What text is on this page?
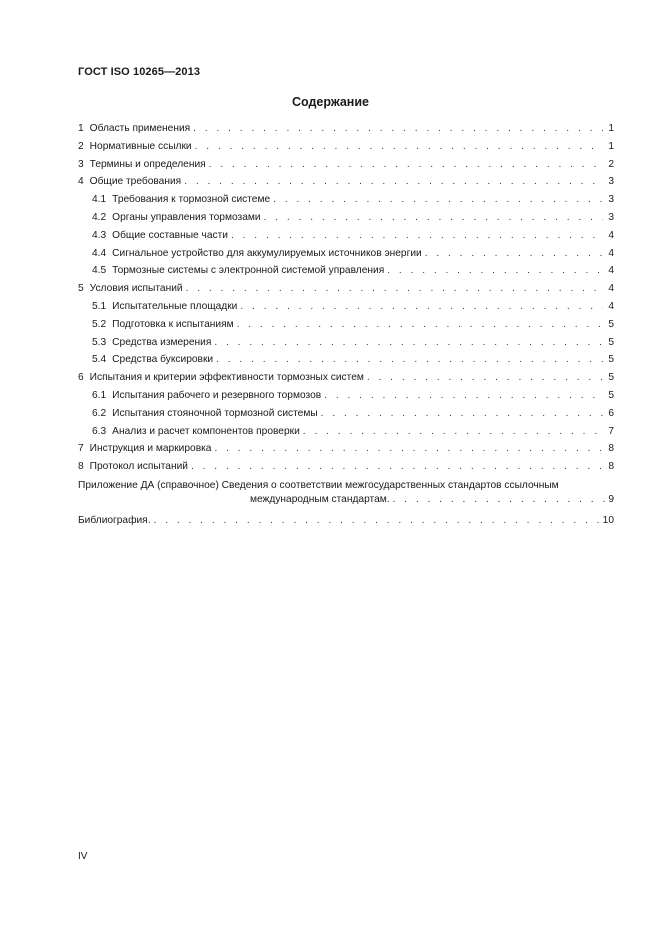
ГОСТ ISO 10265—2013
Содержание
1 Область применения . . .	1
2 Нормативные ссылки . . .	1
3 Термины и определения . . .	2
4 Общие требования . . .	3
4.1 Требования к тормозной системе . . .	3
4.2 Органы управления тормозами . . .	3
4.3 Общие составные части . . .	4
4.4 Сигнальное устройство для аккумулируемых источников энергии . . .	4
4.5 Тормозные системы с электронной системой управления . . .	4
5 Условия испытаний . . .	4
5.1 Испытательные площадки . . .	4
5.2 Подготовка к испытаниям . . .	5
5.3 Средства измерения . . .	5
5.4 Средства буксировки . . .	5
6 Испытания и критерии эффективности тормозных систем . . .	5
6.1 Испытания рабочего и резервного тормозов . . .	5
6.2 Испытания стояночной тормозной системы . . .	6
6.3 Анализ и расчет компонентов проверки . . .	7
7 Инструкция и маркировка . . .	8
8 Протокол испытаний . . .	8
Приложение ДА (справочное) Сведения о соответствии межгосударственных стандартов ссылочным
международным стандартам. . . .	9
Библиография. . . .	10
IV
